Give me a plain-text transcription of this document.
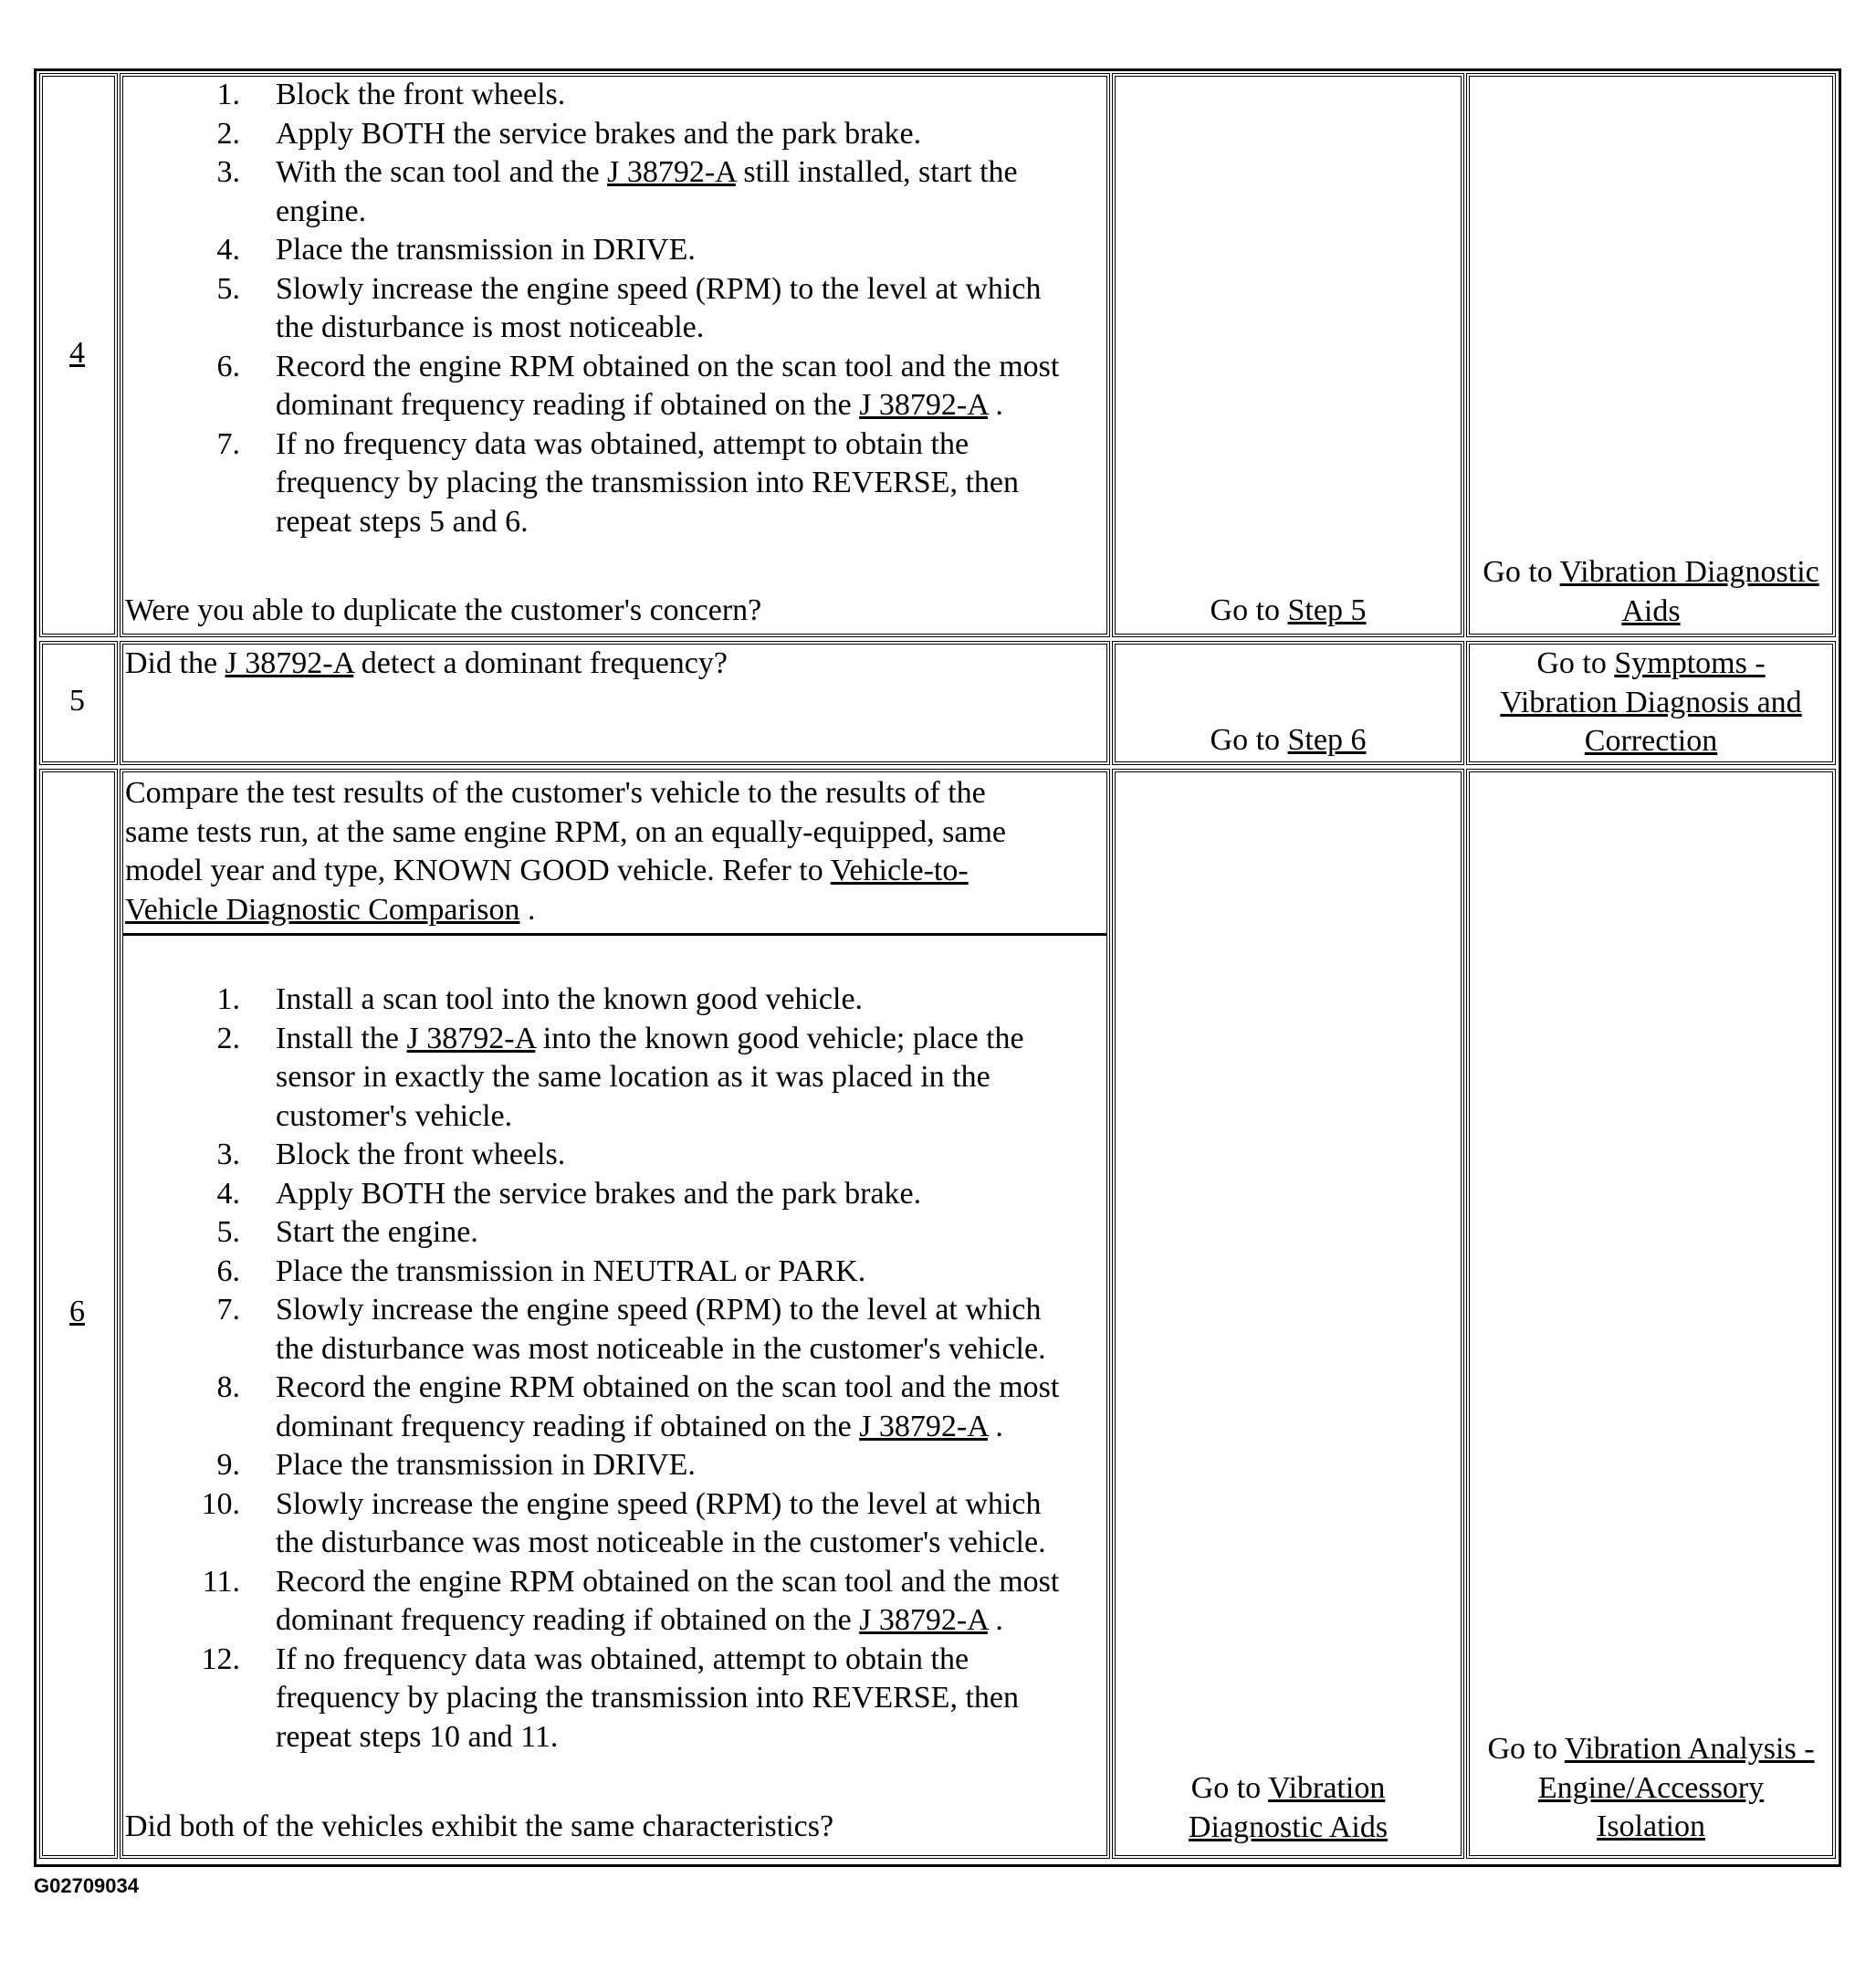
4
1. Block the front wheels.
2. Apply BOTH the service brakes and the park brake.
3. With the scan tool and the J 38792-A still installed, start the
engine.
4. Place the transmission in DRIVE.
5. Slowly increase the engine speed (RPM) to the level at which
the disturbance is most noticeable.
6. Record the engine RPM obtained on the scan tool and the most
dominant frequency reading if obtained on the J 38792-A .
7. If no frequency data was obtained, attempt to obtain the
frequency by placing the transmission into REVERSE, then
repeat steps 5 and 6.
Were you able to duplicate the customer's concern?	Go to Step 5
Go to Vibration Diagnostic
Aids
5
Did the J 38792-A detect a dominant frequency?
Go to Step 6
Go to Symptoms -
Vibration Diagnosis and
Correction
6
Compare the test results of the customer's vehicle to the results of the
same tests run, at the same engine RPM, on an equally-equipped, same
model year and type, KNOWN GOOD vehicle. Refer to Vehicle-to-
Vehicle Diagnostic Comparison .
1. Install a scan tool into the known good vehicle.
2. Install the J 38792-A into the known good vehicle; place the
sensor in exactly the same location as it was placed in the
customer's vehicle.
3. Block the front wheels.
4. Apply BOTH the service brakes and the park brake.
5. Start the engine.
6. Place the transmission in NEUTRAL or PARK.
7. Slowly increase the engine speed (RPM) to the level at which
the disturbance was most noticeable in the customer's vehicle.
8. Record the engine RPM obtained on the scan tool and the most
dominant frequency reading if obtained on the J 38792-A .
9. Place the transmission in DRIVE.
10. Slowly increase the engine speed (RPM) to the level at which
the disturbance was most noticeable in the customer's vehicle.
11. Record the engine RPM obtained on the scan tool and the most
dominant frequency reading if obtained on the J 38792-A .
12. If no frequency data was obtained, attempt to obtain the
frequency by placing the transmission into REVERSE, then
repeat steps 10 and 11.
Did both of the vehicles exhibit the same characteristics?
Go to Vibration
Diagnostic Aids
Go to Vibration Analysis -
Engine/Accessory
Isolation
G02709034
